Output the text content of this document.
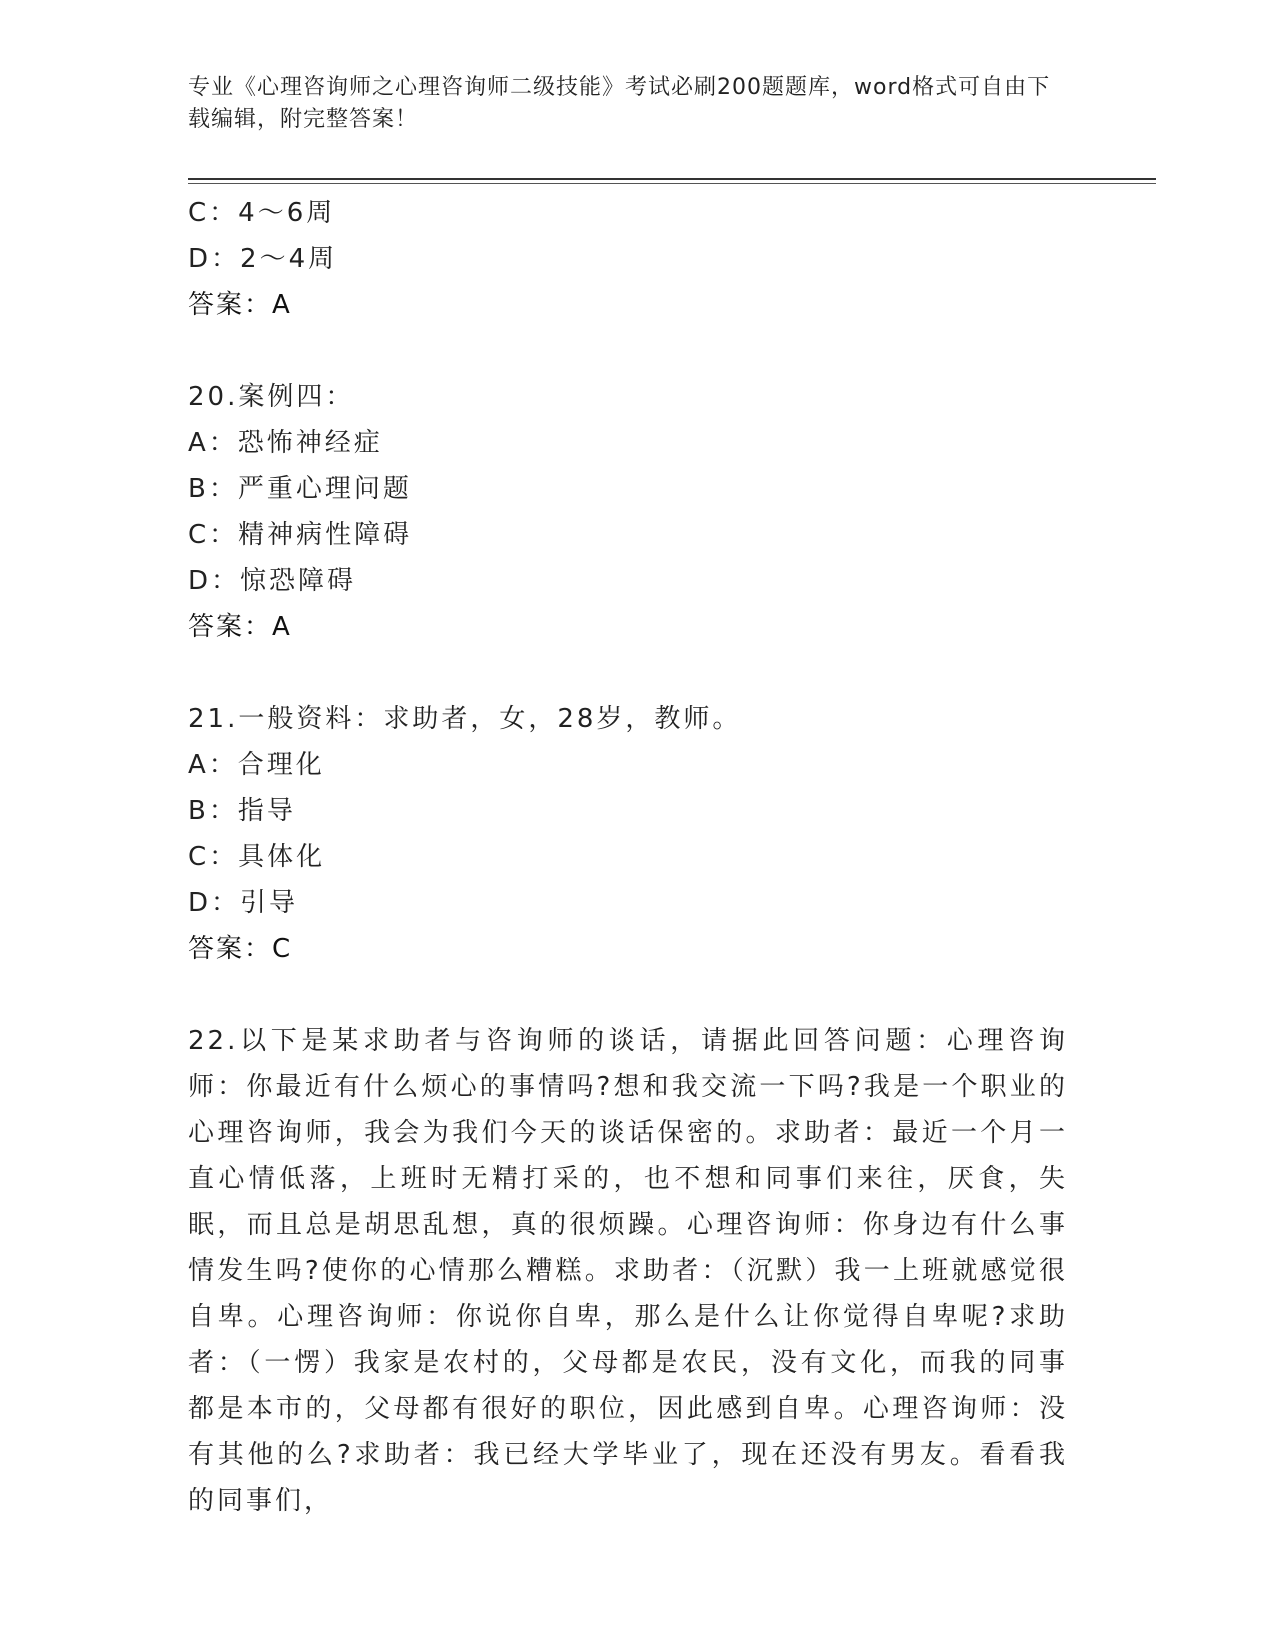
专业《心理咨询师之心理咨询师二级技能》考试必刷200题题库，word格式可自由下载编辑，附完整答案！
C：4～6周
D：2～4周
答案：A
20.案例四：
A：恐怖神经症
B：严重心理问题
C：精神病性障碍
D：惊恐障碍
答案：A
21.一般资料：求助者，女，28岁，教师。
A：合理化
B：指导
C：具体化
D：引导
答案：C
22.以下是某求助者与咨询师的谈话，请据此回答问题：心理咨询师：你最近有什么烦心的事情吗?想和我交流一下吗?我是一个职业的心理咨询师，我会为我们今天的谈话保密的。求助者：最近一个月一直心情低落，上班时无精打采的，也不想和同事们来往，厌食，失眠，而且总是胡思乱想，真的很烦躁。心理咨询师：你身边有什么事情发生吗?使你的心情那么糟糕。求助者：（沉默）我一上班就感觉很自卑。心理咨询师：你说你自卑，那么是什么让你觉得自卑呢?求助者：（一愣）我家是农村的，父母都是农民，没有文化，而我的同事都是本市的，父母都有很好的职位，因此感到自卑。心理咨询师：没有其他的么?求助者：我已经大学毕业了，现在还没有男友。看看我的同事们，
